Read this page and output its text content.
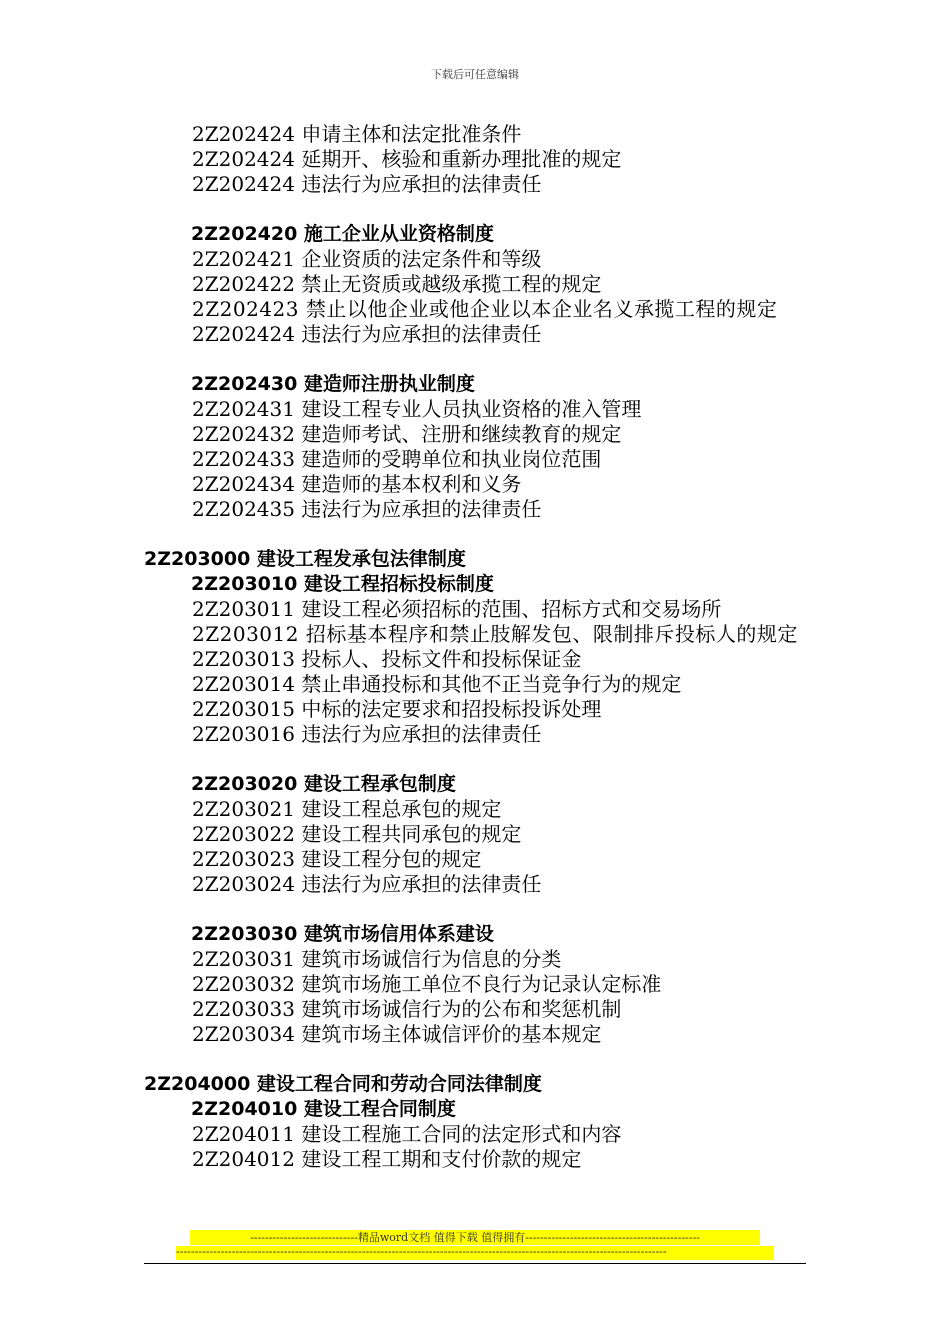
下载后可任意编辑
2Z202424 申请主体和法定批准条件
2Z202424 延期开、核验和重新办理批准的规定
2Z202424 违法行为应承担的法律责任
2Z202420 施工企业从业资格制度
2Z202421 企业资质的法定条件和等级
2Z202422 禁止无资质或越级承揽工程的规定
2Z202423 禁止以他企业或他企业以本企业名义承揽工程的规定
2Z202424 违法行为应承担的法律责任
2Z202430 建造师注册执业制度
2Z202431 建设工程专业人员执业资格的准入管理
2Z202432 建造师考试、注册和继续教育的规定
2Z202433 建造师的受聘单位和执业岗位范围
2Z202434 建造师的基本权利和义务
2Z202435 违法行为应承担的法律责任
2Z203000 建设工程发承包法律制度
2Z203010 建设工程招标投标制度
2Z203011 建设工程必须招标的范围、招标方式和交易场所
2Z203012 招标基本程序和禁止肢解发包、限制排斥投标人的规定
2Z203013 投标人、投标文件和投标保证金
2Z203014 禁止串通投标和其他不正当竞争行为的规定
2Z203015 中标的法定要求和招投标投诉处理
2Z203016 违法行为应承担的法律责任
2Z203020 建设工程承包制度
2Z203021 建设工程总承包的规定
2Z203022 建设工程共同承包的规定
2Z203023 建设工程分包的规定
2Z203024 违法行为应承担的法律责任
2Z203030 建筑市场信用体系建设
2Z203031 建筑市场诚信行为信息的分类
2Z203032 建筑市场施工单位不良行为记录认定标准
2Z203033 建筑市场诚信行为的公布和奖惩机制
2Z203034 建筑市场主体诚信评价的基本规定
2Z204000 建设工程合同和劳动合同法律制度
2Z204010 建设工程合同制度
2Z204011 建设工程施工合同的法定形式和内容
2Z204012 建设工程工期和支付价款的规定
-----------------------------精品word文档 值得下载 值得拥有-----------------------------------------------
------------------------------------------------------------------------------------------------------------------------------------
